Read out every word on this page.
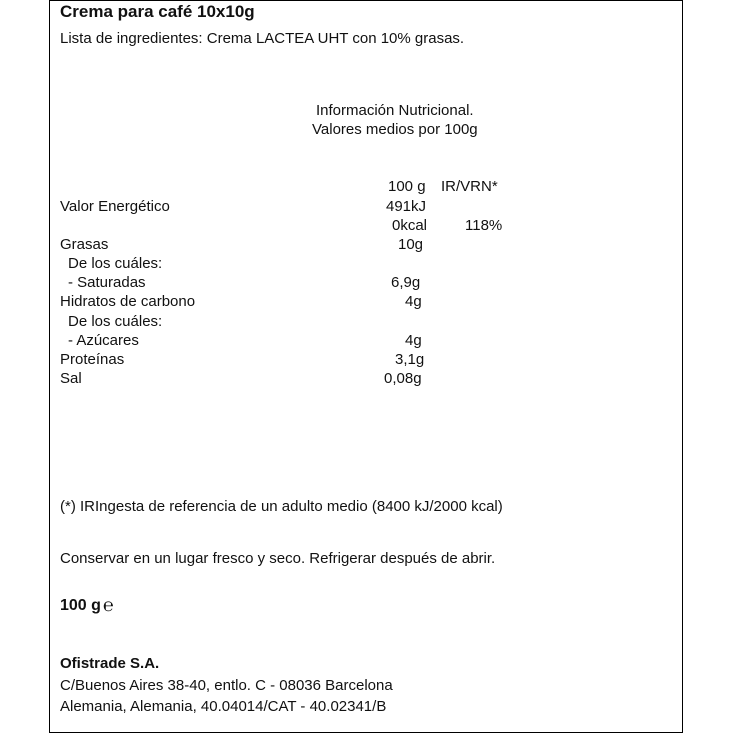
Crema para café 10x10g
Lista de ingredientes: Crema LACTEA UHT con 10% grasas.
Información Nutricional.
Valores medios por 100g
100 g IR/VRN*
Valor Energético	491kJ
0kcal	118%
Grasas	10g
De los cuáles:
- Saturadas	6,9g
Hidratos de carbono	4g
De los cuáles:
- Azúcares	4g
Proteínas	3,1g
Sal	0,08g
(*) IRIngesta de referencia de un adulto medio (8400 kJ/2000 kcal)
Conservar en un lugar fresco y seco. Refrigerar después de abrir.
100 g ℮
Ofistrade S.A.
C/Buenos Aires 38-40, entlo. C - 08036 Barcelona
Alemania, Alemania, 40.04014/CAT - 40.02341/B
